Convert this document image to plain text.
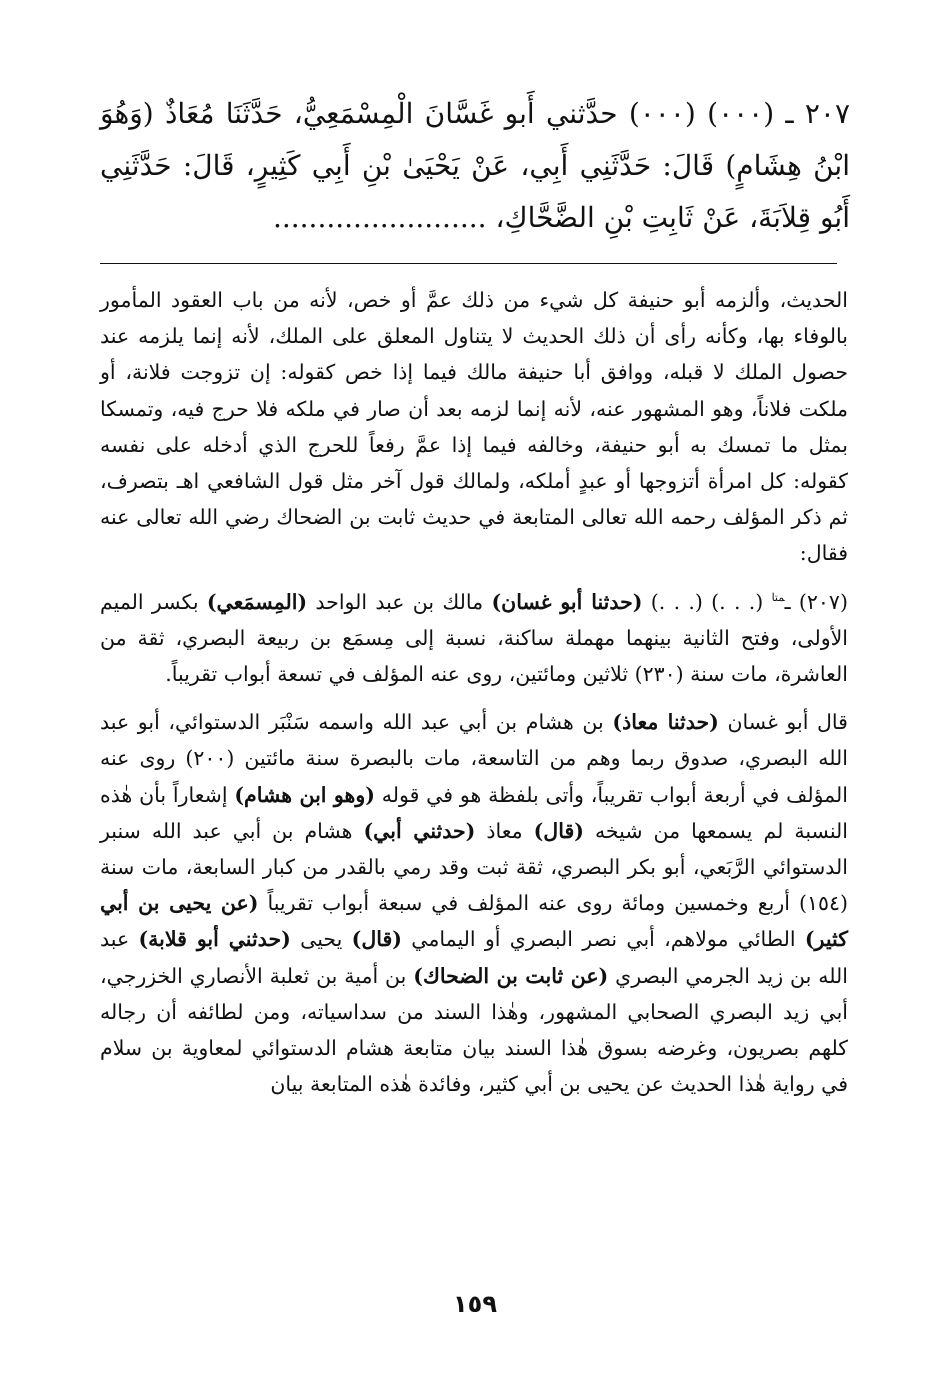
٢٠٧ ـ (٠٠٠) (٠٠٠) حدَّثني أَبو غَسَّانَ الْمِسْمَعِيُّ، حَدَّثَنَا مُعَاذٌ (وَهُوَ ابْنُ هِشَامٍ) قَالَ: حَدَّثَنِي أَبِي، عَنْ يَحْيَىٰ بْنِ أَبِي كَثِيرٍ، قَالَ: حَدَّثَنِي أَبُو قِلاَبَةَ، عَنْ ثَابِتِ بْنِ الضَّحَّاكِ، ........................

الحديث، وألزمه أبو حنيفة كل شيء من ذلك عمَّ أو خص، لأنه من باب العقود المأمور بالوفاء بها، وكأنه رأى أن ذلك الحديث لا يتناول المعلق على الملك، لأنه إنما يلزمه عند حصول الملك لا قبله، ووافق أبا حنيفة مالك فيما إذا خص كقوله: إن تزوجت فلانة، أو ملكت فلاناً، وهو المشهور عنه، لأنه إنما لزمه بعد أن صار في ملكه فلا حرج فيه، وتمسكا بمثل ما تمسك به أبو حنيفة، وخالفه فيما إذا عمَّ رفعاً للحرج الذي أدخله على نفسه كقوله: كل امرأة أتزوجها أو عبدٍ أملكه، ولمالك قول آخر مثل قول الشافعي اهـ بتصرف، ثم ذكر المؤلف رحمه الله تعالى المتابعة في حديث ثابت بن الضحاك رضي الله تعالى عنه فقال:

(٢٠٧) ـ$^{متا}$ (. . .) (. . .) (حدثنا أبو غسان) مالك بن عبد الواحد (المِسمَعي) بكسر الميم الأولى، وفتح الثانية بينهما مهملة ساكنة، نسبة إلى مِسمَع بن ربيعة البصري، ثقة من العاشرة، مات سنة (٢٣٠) ثلاثين ومائتين، روى عنه المؤلف في تسعة أبواب تقريباً.

قال أبو غسان (حدثنا معاذ) بن هشام بن أبي عبد الله واسمه سَنْبَر الدستوائي، أبو عبد الله البصري، صدوق ربما وهم من التاسعة، مات بالبصرة سنة مائتين (٢٠٠) روى عنه المؤلف في أربعة أبواب تقريباً، وأتى بلفظة هو في قوله (وهو ابن هشام) إشعاراً بأن هٰذه النسبة لم يسمعها من شيخه (قال) معاذ (حدثني أبي) هشام بن أبي عبد الله سنبر الدستوائي الرَّبَعي، أبو بكر البصري، ثقة ثبت وقد رمي بالقدر من كبار السابعة، مات سنة (١٥٤) أربع وخمسين ومائة روى عنه المؤلف في سبعة أبواب تقريباً (عن يحيى بن أبي كثير) الطائي مولاهم، أبي نصر البصري أو اليمامي (قال) يحيى (حدثني أبو قلابة) عبد الله بن زيد الجرمي البصري (عن ثابت بن الضحاك) بن أمية بن ثعلبة الأنصاري الخزرجي، أبي زيد البصري الصحابي المشهور، وهٰذا السند من سداسياته، ومن لطائفه أن رجاله كلهم بصريون، وغرضه بسوق هٰذا السند بيان متابعة هشام الدستوائي لمعاوية بن سلام في رواية هٰذا الحديث عن يحيى بن أبي كثير، وفائدة هٰذه المتابعة بيان

١٥٩
